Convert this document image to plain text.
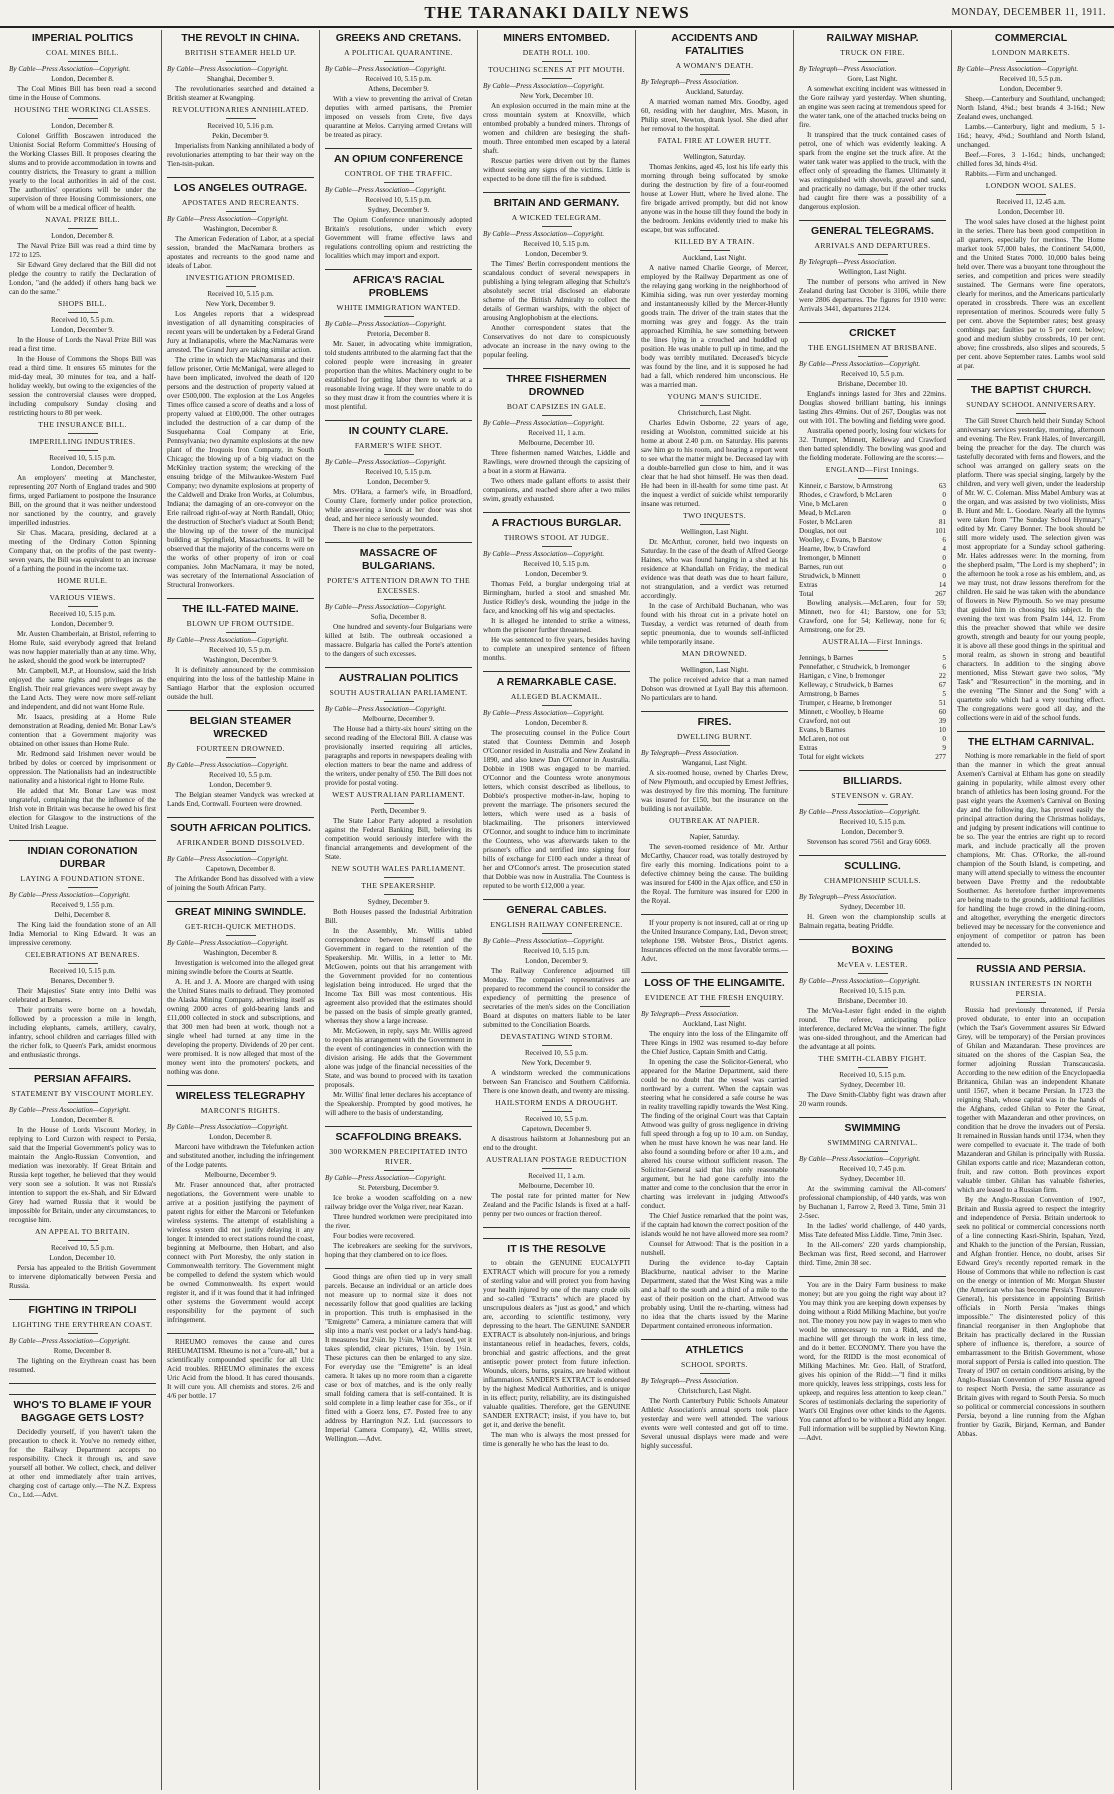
THE TARANAKI DAILY NEWS	MONDAY, DECEMBER 11, 1911.
IMPERIAL POLITICS
COAL MINES BILL.
By Cable—Press Association—Copyright.
London, December 8.
The Coal Mines Bill has been read a second time in the House of Commons.
HOUSING THE WORKING CLASSES.
London, December 8.
Colonel Griffith Boscawen introduced the Unionist Social Reform Committee's Housing of the Working Classes Bill. It proposes clearing the slums and to provide accommodation in towns and country districts, the Treasury to grant a million yearly to the local authorities in aid of the cost. The authorities' operations will be under the supervision of three Housing Commissioners, one of whom will be a medical officer of health.
NAVAL PRIZE BILL.
London, December 8.
The Naval Prize Bill was read a third time by 172 to 125.
Sir Edward Grey declared that the Bill did not pledge the country to ratify the Declaration of London, "and (he added) if others hang back we can do the same."
SHOPS BILL.
Received 10, 5.5 p.m.
London, December 9.
In the House of Lords the Naval Prize Bill was read a first time.
In the House of Commons the Shops Bill was read a third time. It ensures 65 minutes for the mid-day meal, 30 minutes for tea, and a half-holiday weekly, but owing to the exigencies of the session the controversial clauses were dropped, including compulsory Sunday closing and restricting hours to 80 per week.
THE INSURANCE BILL.
IMPERILLING INDUSTRIES.
Received 10, 5.15 p.m.
London, December 9.
An employers' meeting at Manchester, representing 207 North of England trades and 900 firms, urged Parliament to postpone the Insurance Bill, on the ground that it was neither understood nor sanctioned by the country, and gravely imperilled industries.
Sir Chas. Macara, presiding, declared at a meeting of the Ordinary Cotton Spinning Company that, on the profits of the past twenty-seven years, the Bill was equivalent to an increase of a farthing the pound in the income tax.
HOME RULE.
VARIOUS VIEWS.
Received 10, 5.15 p.m.
London, December 9.
Mr. Austen Chamberlain, at Bristol, referring to Home Rule, said everybody agreed that Ireland was now happier materially than at any time. Why, he asked, should the good work be interrupted?
Mr. Campbell, M.P., at Hounslow, said the Irish enjoyed the same rights and privileges as the English. Their real grievances were swept away by the Land Acts. They were now more self-reliant and independent, and did not want Home Rule.
Mr. Isaacs, presiding at a Home Rule demonstration at Reading, denied Mr. Bonar Law's contention that a Government majority was obtained on other issues than Home Rule.
Mr. Redmond said Irishmen never would be bribed by doles or coerced by imprisonment or oppression. The Nationalists had an indestructible nationality and a historical right to Home Rule.
He added that Mr. Bonar Law was most ungrateful, complaining that the influence of the Irish vote in Britain was because he owed his first election for Glasgow to the instructions of the United Irish League.
INDIAN CORONATION DURBAR
LAYING A FOUNDATION STONE.
By Cable—Press Association—Copyright.
Received 9, 1.55 p.m.
Delhi, December 8.
The King laid the foundation stone of an All India Memorial to King Edward. It was an impressive ceremony.
CELEBRATIONS AT BENARES.
Received 10, 5.15 p.m.
Benares, December 9.
Their Majesties' State entry into Delhi was celebrated at Benares.
Their portraits were borne on a howdah, followed by a procession a mile in length, including elephants, camels, artillery, cavalry, infantry, school children and carriages filled with the richer folk, to Queen's Park, amidst enormous and enthusiastic throngs.
PERSIAN AFFAIRS.
STATEMENT BY VISCOUNT MORLEY.
By Cable—Press Association—Copyright.
London, December 8.
In the House of Lords Viscount Morley, in replying to Lord Curzon with respect to Persia, said that the Imperial Government's policy was to maintain the Anglo-Russian Convention, and mediation was inexorably. If Great Britain and Russia kept together, he believed that they would very soon see a solution. It was not Russia's intention to support the ex-Shah, and Sir Edward Grey had warned Russia that it would be impossible for Britain, under any circumstances, to recognise him.
AN APPEAL TO BRITAIN.
Received 10, 5.5 p.m.
London, December 10.
Persia has appealed to the British Government to intervene diplomatically between Persia and Russia.
FIGHTING IN TRIPOLI
LIGHTING THE ERYTHREAN COAST.
By Cable—Press Association—Copyright.
Rome, December 8.
The lighting on the Erythrean coast has been resumed.
WHO'S TO BLAME IF YOUR BAGGAGE GETS LOST?
Decidedly yourself, if you haven't taken the precaution to check it. You've no remedy either, for the Railway Department accepts no responsibility. Check it through us, and save yourself all bother. We collect, check, and deliver at other end immediately after train arrives, charging cost of cartage only.—The N.Z. Express Co., Ltd.—Advt.
THE REVOLT IN CHINA.
BRITISH STEAMER HELD UP.
By Cable—Press Association—Copyright.
Shanghai, December 9.
The revolutionaries searched and detained a British steamer at Kwangping.
REVOLUTIONARIES ANNIHILATED.
Received 10, 5.16 p.m.
Pekin, December 9.
Imperialists from Nanking annihilated a body of revolutionaries attempting to bar their way on the Tien-tsin-pukan.
LOS ANGELES OUTRAGE.
APOSTATES AND RECREANTS.
By Cable—Press Association—Copyright.
Washington, December 8.
The American Federation of Labor, at a special session, branded the MacNamara brothers as apostates and recreants to the good name and ideals of Labor.
INVESTIGATION PROMISED.
Received 10, 5.15 p.m.
New York, December 9.
Los Angeles reports that a widespread investigation of all dynamiting conspiracies of recent years will be undertaken by a Federal Grand Jury at Indianapolis, where the MacNamaras were arrested. The Grand Jury are taking similar action.
The crime in which the MacNamaras and their fellow prisoner, Ortie McManigal, were alleged to have been implicated, involved the death of 120 persons and the destruction of property valued at over £500,000. The explosion at the Los Angeles Times office caused a score of deaths and a loss of property valued at £100,000. The other outrages included the destruction of a car dump of the Susquehanna Coal Company at Erie, Pennsylvania; two dynamite explosions at the new plant of the Iroquois Iron Company, in South Chicago; the blowing up of a big viaduct on the McKinley traction system; the wrecking of the ensuing bridge of the Milwaukee-Western Fuel Company; two dynamite explosions at property of the Caldwell and Drake Iron Works, at Columbus, Indiana; the damaging of an ore-conveyor on the Erie railroad right-of-way at North Randall, Ohio; the destruction of Stecher's viaduct at South Bend; the blowing up of the tower of the municipal building at Springfield, Massachusetts. It will be observed that the majority of the concerns were on the works of other property of iron or coal companies. John MacNamara, it may be noted, was secretary of the International Association of Structural Ironworkers.
THE ILL-FATED MAINE.
BLOWN UP FROM OUTSIDE.
By Cable—Press Association—Copyright.
Received 10, 5.5 p.m.
Washington, December 9.
It is definitely announced by the commission enquiring into the loss of the battleship Maine in Santiago Harbor that the explosion occurred outside the hull.
BELGIAN STEAMER WRECKED
FOURTEEN DROWNED.
By Cable—Press Association—Copyright.
Received 10, 5.5 p.m.
London, December 9.
The Belgian steamer Vandyck was wrecked at Lands End, Cornwall. Fourteen were drowned.
SOUTH AFRICAN POLITICS.
AFRIKANDER BOND DISSOLVED.
By Cable—Press Association—Copyright.
Capetown, December 8.
The Afrikander Bond has dissolved with a view of joining the South African Party.
GREAT MINING SWINDLE.
GET-RICH-QUICK METHODS.
By Cable—Press Association—Copyright.
Washington, December 8.
Investigation is welcomed into the alleged great mining swindle before the Courts at Seattle.
A. H. and J. A. Moore are charged with using the United States mails to defraud. They promoted the Alaska Mining Company, advertising itself as owning 2000 acres of gold-bearing lands and £11,000 collected in stock and subscriptions, and that 300 men had been at work, though not a single wheel had turned at any time in the developing the property. Dividends of 20 per cent. were promised. It is now alleged that most of the money went into the promoters' pockets, and nothing was done.
WIRELESS TELEGRAPHY
MARCONI'S RIGHTS.
By Cable—Press Association—Copyright.
London, December 8.
Marconi have withdrawn the Telefunken action and substituted another, including the infringement of the Lodge patents.
Melbourne, December 9.
Mr. Fraser announced that, after protracted negotiations, the Government were unable to arrive at a position justifying the payment of patent rights for either the Marconi or Telefunken wireless systems. The attempt of establishing a wireless system did not justify delaying it any longer. It intended to erect stations round the coast, beginning at Melbourne, then Hobart, and also connect with Port Moresby, the only station in Commonwealth territory. The Government might be compelled to defend the system which would be owned Commonwealth. Its expert would register it, and if it was found that it had infringed other systems the Government would accept responsibility for the payment of such infringement.
RHEUMO removes the cause and cures RHEUMATISM. Rheumo is not a "cure-all," but a scientifically compounded specific for all Uric Acid troubles. RHEUMO eliminates the excess Uric Acid from the blood. It has cured thousands. It will cure you. All chemists and stores. 2/6 and 4/6 per bottle. 17
GREEKS AND CRETANS.
A POLITICAL QUARANTINE.
By Cable—Press Association—Copyright.
Received 10, 5.15 p.m.
Athens, December 9.
With a view to preventing the arrival of Cretan deputies with armed partisans, the Premier imposed on vessels from Crete, five days quarantine at Melos. Carrying armed Cretans will be treated as piracy.
AN OPIUM CONFERENCE
CONTROL OF THE TRAFFIC.
By Cable—Press Association—Copyright.
Received 10, 5.15 p.m.
Sydney, December 9.
The Opium Conference unanimously adopted Britain's resolutions, under which every Government will frame effective laws and regulations controlling opium and restricting the localities which may import and export.
AFRICA'S RACIAL PROBLEMS
WHITE IMMIGRATION WANTED.
By Cable—Press Association—Copyright.
Pretoria, December 8.
Mr. Sauer, in advocating white immigration, told students attributed to the alarming fact that the colored people were increasing in greater proportion than the whites. Machinery ought to be established for getting labor there to work at a reasonable living wage. If they were unable to do so they must draw it from the countries where it is most plentiful.
IN COUNTY CLARE.
FARMER'S WIFE SHOT.
By Cable—Press Association—Copyright.
Received 10, 5.15 p.m.
London, December 9.
Mrs. O'Hara, a farmer's wife, in Broadford, County Clare, formerly under police protection, while answering a knock at her door was shot dead, and her niece seriously wounded.
There is no clue to the perpetrators.
MASSACRE OF BULGARIANS.
PORTE'S ATTENTION DRAWN TO THE EXCESSES.
By Cable—Press Association—Copyright.
Sofia, December 8.
One hundred and seventy-four Bulgarians were killed at Istib. The outbreak occasioned a massacre. Bulgaria has called the Porte's attention to the dangers of such excesses.
AUSTRALIAN POLITICS
SOUTH AUSTRALIAN PARLIAMENT.
By Cable—Press Association—Copyright.
Melbourne, December 9.
The House had a thirty-six hours' sitting on the second reading of the Electoral Bill. A clause was provisionally inserted requiring all articles, paragraphs and reports in newspapers dealing with election matters to bear the name and address of the writers, under penalty of £50. The Bill does not provide for postal voting.
WEST AUSTRALIAN PARLIAMENT.
Perth, December 9.
The State Labor Party adopted a resolution against the Federal Banking Bill, believing its competition would seriously interfere with the financial arrangements and development of the State.
NEW SOUTH WALES PARLIAMENT.
THE SPEAKERSHIP.
Sydney, December 9.
Both Houses passed the Industrial Arbitration Bill.
In the Assembly, Mr. Willis tabled correspondence between himself and the Government in regard to the retention of the Speakership. Mr. Willis, in a letter to Mr. McGowen, points out that his arrangement with the Government provided for no contentious legislation being introduced. He urged that the Income Tax Bill was most contentious. His agreement also provided that the estimates should be passed on the basis of simple greatly granted, whereas they show a large increase.
Mr. McGowen, in reply, says Mr. Willis agreed to reopen his arrangement with the Government in the event of contingencies in connection with the division arising. He adds that the Government alone was judge of the financial necessities of the State, and was bound to proceed with its taxation proposals.
Mr. Willis' final letter declares his acceptance of the Speakership. Prompted by good motives, he will adhere to the basis of understanding.
SCAFFOLDING BREAKS.
300 WORKMEN PRECIPITATED INTO RIVER.
By Cable—Press Association—Copyright.
St. Petersburg, December 9.
Ice broke a wooden scaffolding on a new railway bridge over the Volga river, near Kazan.
Three hundred workmen were precipitated into the river.
Four bodies were recovered.
The icebreakers are seeking for the survivors, hoping that they clambered on to ice floes.
Good things are often tied up in very small parcels. Because an individual or an article does not measure up to normal size it does not necessarily follow that good qualities are lacking in proportion. This truth is emphasised in the "Emigrette" Camera, a miniature camera that will slip into a man's vest pocket or a lady's hand-bag. It measures but 2¼in. by 1¼in. When closed, yet it takes splendid, clear pictures, 1½in. by 1½in. These pictures can then be enlarged to any size. For everyday use the "Emigrette" is an ideal camera. It takes up no more room than a cigarette case or box of matches, and is the only really small folding camera that is self-contained. It is sold complete in a limp leather case for 35s., or if fitted with a Goerz lens, £7. Posted free to any address by Harrington N.Z. Ltd. (successors to Imperial Camera Company), 42, Willis street, Wellington.—Advt.
MINERS ENTOMBED.
DEATH ROLL 100.
TOUCHING SCENES AT PIT MOUTH.
By Cable—Press Association—Copyright.
New York, December 10.
An explosion occurred in the main mine at the cross mountain system at Knoxville, which entombed probably a hundred miners. Throngs of women and children are besieging the shaft-mouth. Three entombed men escaped by a lateral shaft.
Rescue parties were driven out by the flames without seeing any signs of the victims. Little is expected to be done till the fire is subdued.
BRITAIN AND GERMANY.
A WICKED TELEGRAM.
By Cable—Press Association—Copyright.
Received 10, 5.15 p.m.
London, December 9.
The Times' Berlin correspondent mentions the scandalous conduct of several newspapers in publishing a lying telegram alleging that Schultz's absolutely secret trial disclosed an elaborate scheme of the British Admiralty to collect the details of German warships, with the object of arousing Anglophobism at the elections.
Another correspondent states that the Conservatives do not dare to conspicuously advocate an increase in the navy owing to the popular feeling.
THREE FISHERMEN DROWNED
BOAT CAPSIZES IN GALE.
By Cable—Press Association—Copyright.
Received 11, 1 a.m.
Melbourne, December 10.
Three fishermen named Watches, Liddle and Rawlings, were drowned through the capsizing of a boat in a storm at Hawarra.
Two others made gallant efforts to assist their companions, and reached shore after a two miles swim, greatly exhausted.
A FRACTIOUS BURGLAR.
THROWS STOOL AT JUDGE.
By Cable—Press Association—Copyright.
Received 10, 5.15 p.m.
London, December 9.
Thomas Feld, a burglar undergoing trial at Birmingham, hurled a stool and smashed Mr. Justice Ridley's desk, wounding the judge in the face, and knocking off his wig and spectacles.
It is alleged he intended to strike a witness, whom the prisoner further threatened.
He was sentenced to five years, besides having to complete an unexpired sentence of fifteen months.
A REMARKABLE CASE.
ALLEGED BLACKMAIL.
By Cable—Press Association—Copyright.
London, December 8.
The prosecuting counsel in the Police Court stated that Countess Demmin and Joseph O'Connor resided in Australia and New Zealand in 1890, and also knew Dan O'Connor in Australia. Dobbie in 1908 was engaged to be married. O'Connor and the Countess wrote anonymous letters, which consist described as libellous, to Dobbie's prospective mother-in-law, hoping to prevent the marriage. The prisoners secured the letters, which were used as a basis of blackmailing. The prisoners interviewed O'Connor, and sought to induce him to incriminate the Countess, who was afterwards taken to the prisoner's office and terrified into signing four bills of exchange for £100 each under a threat of her and O'Connor's arrest. The prosecution stated that Dobbie was now in Australia. The Countess is reputed to be worth £12,000 a year.
GENERAL CABLES.
ENGLISH RAILWAY CONFERENCE.
By Cable—Press Association—Copyright.
Received 10, 5.15 p.m.
London, December 9.
The Railway Conference adjourned till Monday. The companies' representatives are prepared to recommend the council to consider the expediency of permitting the presence of secretaries of the men's sides on the Conciliation Board at disputes on matters liable to be later submitted to the Conciliation Boards.
DEVASTATING WIND STORM.
Received 10, 5.5 p.m.
New York, December 9.
A windstorm wrecked the communications between San Francisco and Southern California. There is one known death, and twenty are missing.
HAILSTORM ENDS A DROUGHT.
Received 10, 5.5 p.m.
Capetown, December 9.
A disastrous hailstorm at Johannesburg put an end to the drought.
AUSTRALIAN POSTAGE REDUCTION
Received 11, 1 a.m.
Melbourne, December 10.
The postal rate for printed matter for New Zealand and the Pacific Islands is fixed at a half-penny per two ounces or fraction thereof.
IT IS THE RESOLVE
to obtain the GENUINE EUCALYPTI EXTRACT which will procure for you a remedy of sterling value and will protect you from having your health injured by one of the many crude oils and so-called "Extracts" which are placed by unscrupulous dealers as "just as good," and which are, according to scientific testimony, very depressing to the heart. The GENUINE SANDER EXTRACT is absolutely non-injurious, and brings instantaneous relief in headaches, fevers, colds, bronchial and gastric affections, and the great antiseptic power protect from future infection. Wounds, ulcers, burns, sprains, are healed without inflammation. SANDER'S EXTRACT is endorsed by the highest Medical Authorities, and is unique in its effect; purity, reliability, are its distinguished valuable qualities. Therefore, get the GENUINE SANDER EXTRACT; insist, if you have to, but get it, and derive the benefit.
The man who is always the most pressed for time is generally he who has the least to do.
ACCIDENTS AND FATALITIES
A WOMAN'S DEATH.
By Telegraph—Press Association.
Auckland, Saturday.
A married woman named Mrs. Goodby, aged 60, residing with her daughter, Mrs. Mason, in Philip street, Newton, drank lysol. She died after her removal to the hospital.
FATAL FIRE AT LOWER HUTT.
Wellington, Saturday.
Thomas Jenkins, aged 45, lost his life early this morning through being suffocated by smoke during the destruction by fire of a four-roomed house at Lower Hutt, where he lived alone. The fire brigade arrived promptly, but did not know anyone was in the house till they found the body in the bedroom. Jenkins evidently tried to make his escape, but was suffocated.
KILLED BY A TRAIN.
Auckland, Last Night.
A native named Charlie George, of Mercer, employed by the Railway Department as one of the relaying gang working in the neighborhood of Kimihia siding, was run over yesterday morning and instantaneously killed by the Mercer-Huntly goods train. The driver of the train states that the morning was grey and foggy. As the train approached Kimihia, he saw something between the lines lying in a crouched and huddled up position. He was unable to pull up in time, and the body was terribly mutilated. Deceased's bicycle was found by the line, and it is supposed he had had a fall, which rendered him unconscious. He was a married man.
YOUNG MAN'S SUICIDE.
Christchurch, Last Night.
Charles Edwin Osborne, 22 years of age, residing at Woolston, committed suicide at his home at about 2.40 p.m. on Saturday. His parents saw him go to his room, and hearing a report went to see what the matter might be. Deceased lay with a double-barrelled gun close to him, and it was clear that he had shot himself. He was then dead. He had been in ill-health for some time past. At the inquest a verdict of suicide whilst temporarily insane was returned.
TWO INQUESTS.
Wellington, Last Night.
Dr. McArthur, coroner, held two inquests on Saturday. In the case of the death of Alfred George Haines, who was found hanging in a shed at his residence at Khandallah on Friday, the medical evidence was that death was due to heart failure, not strangulation, and a verdict was returned accordingly.
In the case of Archibald Buchanan, who was found with his throat cut in a private hotel on Tuesday, a verdict was returned of death from septic pneumonia, due to wounds self-inflicted while temporarily insane.
MAN DROWNED.
Wellington, Last Night.
The police received advice that a man named Dobson was drowned at Lyall Bay this afternoon. No particulars are to hand.
FIRES.
DWELLING BURNT.
By Telegraph—Press Association.
Wanganui, Last Night.
A six-roomed house, owned by Charles Drew, of New Plymouth, and occupied by Ernest Jeffries, was destroyed by fire this morning. The furniture was insured for £150, but the insurance on the building is not available.
OUTBREAK AT NAPIER.
Napier, Saturday.
The seven-roomed residence of Mr. Arthur McCarthy, Chaucer road, was totally destroyed by fire early this morning. Indications point to a defective chimney being the cause. The building was insured for £400 in the Ajax office, and £50 in the Royal. The furniture was insured for £200 in the Royal.
If your property is not insured, call at or ring up the United Insurance Company, Ltd., Devon street; telephone 198. Webster Bros., District agents. Insurances effected on the most favorable terms.—Advt.
LOSS OF THE ELINGAMITE.
EVIDENCE AT THE FRESH ENQUIRY.
By Telegraph—Press Association.
Auckland, Last Night.
The enquiry into the loss of the Elingamite off Three Kings in 1902 was resumed to-day before the Chief Justice, Captain Smith and Cattig.
In opening the case the Solicitor-General, who appeared for the Marine Department, said there could be no doubt that the vessel was carried northward by a current. When the captain was steering what he considered a safe course he was in reality travelling rapidly towards the West King. The finding of the original Court was that Captain Attwood was guilty of gross negligence in driving full speed through a fog up to 10 a.m. on Sunday, when he must have known he was near land. He also found a sounding before or after 10 a.m., and altered his course without sufficient reason. The Solicitor-General said that his only reasonable argument, but he had gone carefully into the matter and come to the conclusion that the error in charting was irrelevant in judging Attwood's conduct.
The Chief Justice remarked that the point was, if the captain had known the correct position of the islands would he not have allowed more sea room?
Counsel for Attwood: That is the position in a nutshell.
During the evidence to-day Captain Blackburne, nautical adviser to the Marine Department, stated that the West King was a mile and a half to the south and a third of a mile to the east of their position on the chart. Attwood was probably using. Until the re-charting, witness had no idea that the charts issued by the Marine Department contained erroneous information.
ATHLETICS
SCHOOL SPORTS.
By Telegraph—Press Association.
Christchurch, Last Night.
The North Canterbury Public Schools Amateur Athletic Association's annual sports took place yesterday and were well attended. The various events were well contested and got off to time. Several unusual displays were made and were highly successful.
RAILWAY MISHAP.
TRUCK ON FIRE.
By Telegraph—Press Association.
Gore, Last Night.
A somewhat exciting incident was witnessed in the Gore railway yard yesterday. When shunting, an engine was seen racing at tremendous speed for the water tank, one of the attached trucks being on fire.
It transpired that the truck contained cases of petrol, one of which was evidently leaking. A spark from the engine set the truck afire. At the water tank water was applied to the truck, with the effect only of spreading the flames. Ultimately it was extinguished with shovels, gravel and sand, and practically no damage, but if the other trucks had caught fire there was a possibility of a dangerous explosion.
GENERAL TELEGRAMS.
ARRIVALS AND DEPARTURES.
By Telegraph—Press Association.
Wellington, Last Night.
The number of persons who arrived in New Zealand during last October is 3106, while there were 2806 departures. The figures for 1910 were: Arrivals 3441, departures 2124.
CRICKET
THE ENGLISHMEN AT BRISBANE.
By Cable—Press Association—Copyright.
Received 10, 5.5 p.m.
Brisbane, December 10.
England's innings lasted for 3hrs and 22mins. Douglas showed brilliant batting, his innings lasting 2hrs 49mins. Out of 267, Douglas was not out with 101. The bowling and fielding were good.
Australia opened poorly, losing four wickets for 32. Trumper, Minnett, Kelleway and Crawford then batted splendidly. The bowling was good and the fielding moderate. Following are the scores:—
ENGLAND—First Innings.
Kinneir, c Barstow, b Armstrong	63
Rhodes, c Crawford, b McLaren	0
Vine, b McLaren	0
Mead, b McLaren	0
Foster, b McLaren	81
Douglas, not out	101
Woolley, c Evans, b Barstow	6
Hearne, lbw, b Crawford	4
Iremonger, b Minnett	0
Barnes, run out	0
Strudwick, b Minnett	0
Extras	14
Total	267
Bowling analysis.—McLaren, four for 59; Minnett, two for 41; Barstow, one for 53; Crawford, one for 54; Kelleway, none for 6; Armstrong, one for 29.
AUSTRALIA—First Innings.
Jennings, b Barnes	5
Pennefather, c Strudwick, b Iremonger	6
Hartigan, c Vine, b Iremonger	22
Kelleway, c Strudwick, b Barnes	67
Armstrong, b Barnes	5
Trumper, c Hearne, b Iremonger	51
Minnett, c Woolley, b Hearne	60
Crawford, not out	39
Evans, b Barnes	10
McLaren, not out	0
Extras	9
Total for eight wickets	277
BILLIARDS.
STEVENSON v. GRAY.
By Cable—Press Association—Copyright.
Received 10, 5.15 p.m.
London, December 9.
Stevenson has scored 7561 and Gray 6069.
SCULLING.
CHAMPIONSHIP SCULLS.
By Telegraph—Press Association.
Sydney, December 10.
H. Green won the championship sculls at Balmain regatta, beating Priddle.
BOXING
McVEA v. LESTER.
By Cable—Press Association—Copyright.
Received 10, 5.15 p.m.
Brisbane, December 10.
The McVea-Lester fight ended in the eighth round. The referee, anticipating police interference, declared McVea the winner. The fight was one-sided throughout, and the American had the advantage at all points.
THE SMITH-CLABBY FIGHT.
Received 10, 5.15 p.m.
Sydney, December 10.
The Dave Smith-Clabby fight was drawn after 20 warm rounds.
SWIMMING
SWIMMING CARNIVAL.
By Cable—Press Association—Copyright.
Received 10, 7.45 p.m.
Sydney, December 10.
At the swimming carnival the All-comers' professional championship, of 440 yards, was won by Buchanan 1, Farrow 2, Reed 3. Time, 5min 31 2-5sec.
In the ladies' world challenge, of 440 yards, Miss Tate defeated Miss Liddle. Time, 7min 3sec.
In the All-comers' 220 yards championship, Beckman was first, Reed second, and Harrower third. Time, 2min 38 sec.
You are in the Dairy Farm business to make money; but are you going the right way about it? You may think you are keeping down expenses by doing without a Ridd Milking Machine, but you're not. The money you now pay in wages to men who would be unnecessary to run a Ridd, and the machine will get through the work in less time, and do it better. ECONOMY. There you have the word, for the RIDD is the most economical of Milking Machines. Mr. Geo. Hall, of Stratford, gives his opinion of the Ridd:—"I find it milks more quickly, leaves less strippings, costs less for upkeep, and requires less attention to keep clean." Scores of testimonials declaring the superiority of Watt's Oil Engines over other kinds to the Agents. You cannot afford to be without a Ridd any longer. Full information will be supplied by Newton King.—Advt.
COMMERCIAL
LONDON MARKETS.
By Cable—Press Association—Copyright.
Received 10, 5.5 p.m.
London, December 9.
Sheep.—Canterbury and Southland, unchanged; North Island, 4⅝d.; best brands 4 3-16d.; New Zealand ewes, unchanged.
Lambs.—Canterbury, light and medium, 5 1-16d.; heavy, 4⅝d.; Southland and North Island, unchanged.
Beef.—Fores, 3 1-16d.; hinds, unchanged; chilled fores 3d, hinds 4½d.
Rabbits.—Firm and unchanged.
LONDON WOOL SALES.
Received 11, 12.45 a.m.
London, December 10.
The wool sales have closed at the highest point in the series. There has been good competition in all quarters, especially for merinos. The Home market took 57,000 bales, the Continent 54,000, and the United States 7000. 10,000 bales being held over. There was a buoyant tone throughout the series, and competition and prices were steadily sustained. The Germans were fine operators, clearly for merinos, and the Americans particularly operated in crossbreds. There was an excellent representation of merinos. Scoureds were fully 5 per cent. above the September rates; best greasy combings par; faulties par to 5 per cent. below; good and medium slubby crossbreds, 10 per cent. above; fine crossbreds, also slipes and scoureds, 5 per cent. above September rates. Lambs wool sold at par.
THE BAPTIST CHURCH.
SUNDAY SCHOOL ANNIVERSARY.
The Gill Street Church held their Sunday School anniversary services yesterday, morning, afternoon and evening. The Rev. Frank Hales, of Invercargill, being the preacher for the day. The church was tastefully decorated with ferns and flowers, and the school was arranged on gallery seats on the platform. There was special singing, largely by the children, and very well given, under the leadership of Mr. W. C. Coleman. Miss Mabel Ambury was at the organ, and was assisted by two violinists, Miss B. Hunt and Mr. L. Goodare. Nearly all the hymns were taken from "The Sunday School Hymnary," edited by Mr. Carey Bonner. The book should be still more widely used. The selection given was most appropriate for a Sunday school gathering. Mr. Hales addresses were: In the morning, from the shepherd psalm, "The Lord is my shepherd"; in the afternoon he took a rose as his emblem, and, as we may trust, not draw lessons therefrom for the children. He said he was taken with the abundance of flowers in New Plymouth. So we may presume that guided him in choosing his subject. In the evening the text was from Psalm 144, 12. From this the preacher showed that while we desire growth, strength and beauty for our young people, it is above all these good things in the spiritual and moral realm, as shown in strong and beautiful characters. In addition to the singing above mentioned, Miss Stewart gave two solos, "My Task" and "Resurrection" in the morning, and in the evening "The Sinner and the Song" with a quartette solo which had a very touching effect. The congregations were good all day, and the collections were in aid of the school funds.
THE ELTHAM CARNIVAL.
Nothing is more remarkable in the field of sport than the manner in which the great annual Axemen's Carnival at Eltham has gone on steadily gaining in popularity, while almost every other branch of athletics has been losing ground. For the past eight years the Axemen's Carnival on Boxing day and the following day, has proved easily the principal attraction during the Christmas holidays, and judging by present indications will continue to be so. The year the entries are right up to record mark, and include practically all the proven champions, Mr. Chas. O'Rorke, the all-round champion of the South Island, is competing, and many will attend specially to witness the encounter between Dave Prettty and the redoubtable Southerner. As heretofore further improvements are being made to the grounds, additional facilities for handling the huge crowd in the dining-room, and altogether, everything the energetic directors believed may be necessary for the convenience and enjoyment of competitor or patron has been attended to.
RUSSIA AND PERSIA.
RUSSIAN INTERESTS IN NORTH PERSIA.
Russia had previously threatened, if Persia proved obdurate, to enter into an occupation (which the Tsar's Government assures Sir Edward Grey, will be temporary) of the Persian provinces of Ghilan and Mazandaran. These provinces are situated on the shores of the Caspian Sea, the former adjoining Russian Transcaucasia. According to the new edition of the Encyclopaedia Britannica, Ghilan was an independent Khanate until 1567, when it became Persian. In 1723 the reigning Shah, whose capital was in the hands of the Afghans, ceded Ghilan to Peter the Great, together with Mazanderan and other provinces, on condition that he drove the invaders out of Persia. It remained in Russian hands until 1734, when they were compelled to evacuate it. The trade of both Mazanderan and Ghilan is principally with Russia. Ghilan exports cattle and rice; Mazanderan cotton, fruit, and raw cotton. Both provinces export valuable timber. Ghilan has valuable fisheries, which are leased to a Russian firm.
By the Anglo-Russian Convention of 1907, Britain and Russia agreed to respect the integrity and independence of Persia. Britain undertook to seek no political or commercial concessions north of a line connecting Kasri-Shirin, Ispahan, Yezd, and Khakh to the junction of the Persian, Russian, and Afghan frontier. Hence, no doubt, arises Sir Edward Grey's recently reported remark in the House of Commons that while no reflection is cast on the energy or intention of Mr. Morgan Shuster (the American who has become Persia's Treasurer-General), his persistence in appointing British officials in North Persia "makes things impossible." The disinterested policy of this financial reorganiser in then Anglophobe that Britain has practically declared in the Russian sphere of influence is, therefore, a source of embarrassment to the British Government, whose moral support of Persia is called into question. The Treaty of 1907 on certain conditions arising, by the Anglo-Russian Convention of 1907 Russia agreed to respect North Persia, the same assurance as Britain gives with regard to South Persia. So much so political or commercial concessions in southern Persia, beyond a line running from the Afghan frontier by Gazik, Birjand, Kerman, and Bander Abbas.
